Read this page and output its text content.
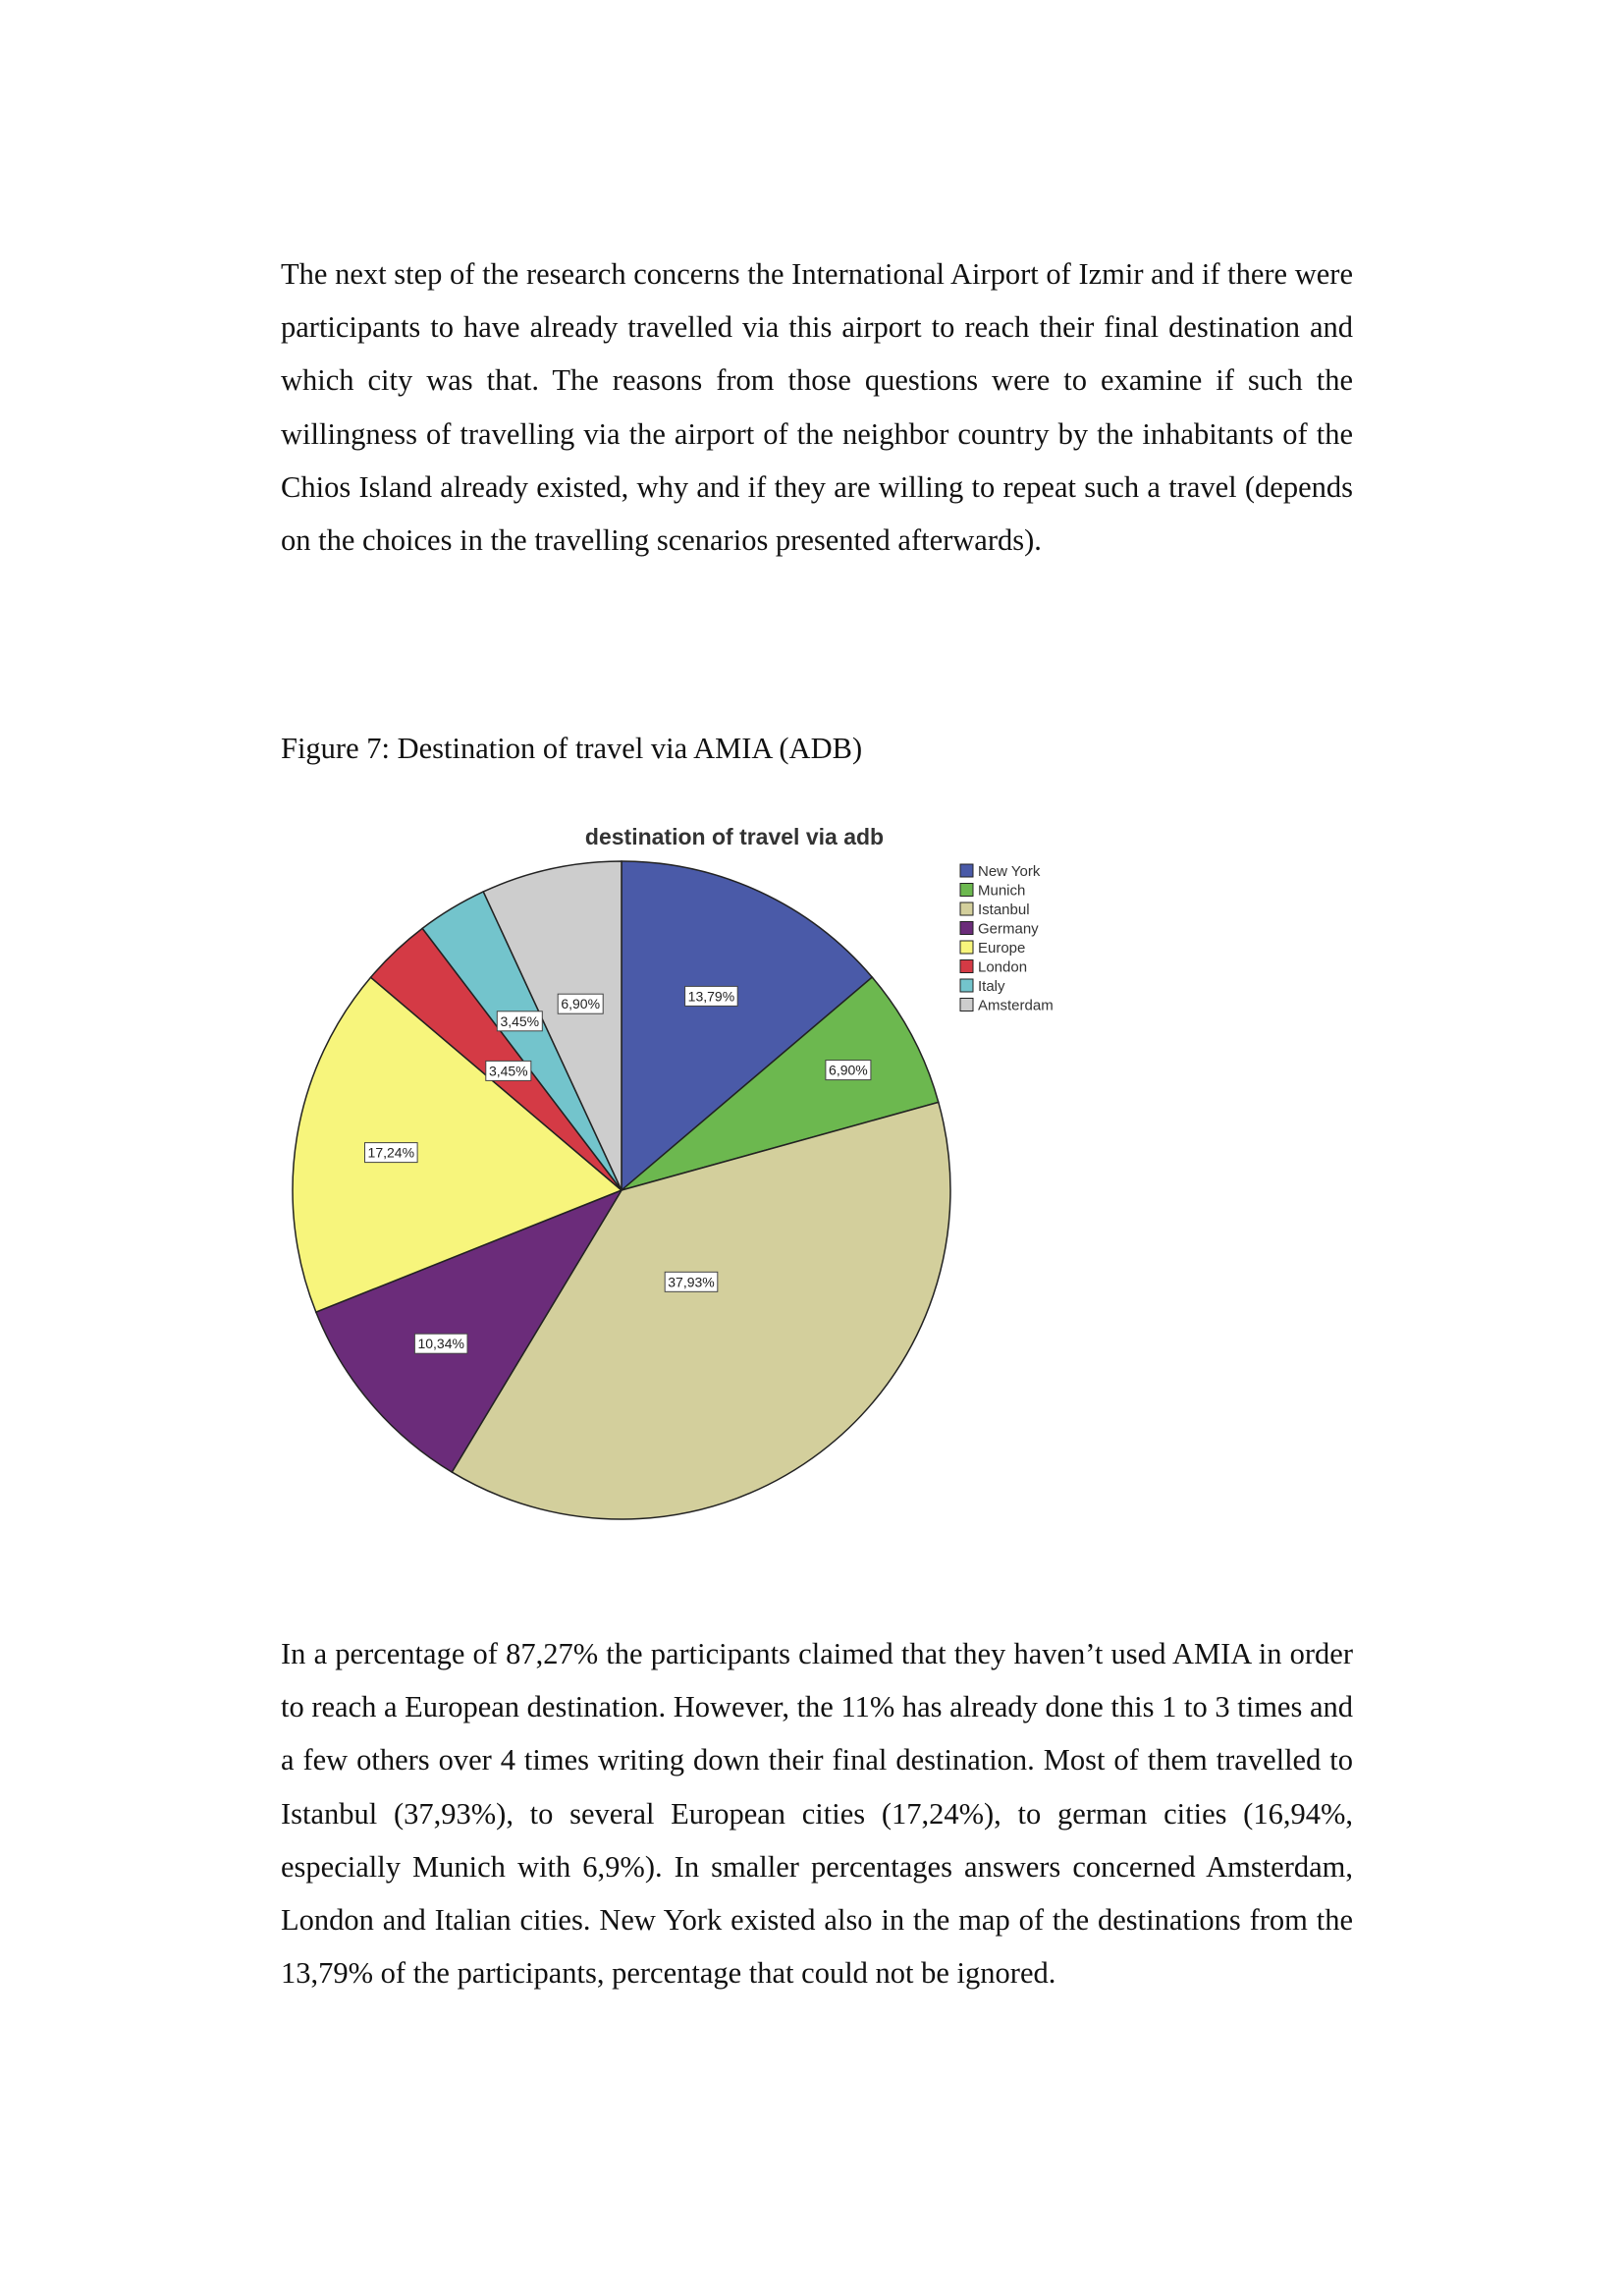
The next step of the research concerns the International Airport of Izmir and if there were participants to have already travelled via this airport to reach their final destination and which city was that. The reasons from those questions were to examine if such the willingness of travelling via the airport of the neighbor country by the inhabitants of the Chios Island already existed, why and if they are willing to repeat such a travel (depends on the choices in the travelling scenarios presented afterwards).

Figure 7: Destination of travel via AMIA (ADB)

destination of travel via adb
13,79%
6,90%
37,93%
10,34%
17,24%
3,45%
3,45%
6,90%
New York
Munich
Istanbul
Germany
Europe
London
Italy
Amsterdam

In a percentage of 87,27% the participants claimed that they haven’t used AMIA in order to reach a European destination. However, the 11% has already done this 1 to 3 times and a few others over 4 times writing down their final destination. Most of them travelled to Istanbul (37,93%), to several European cities (17,24%), to german cities (16,94%, especially Munich with 6,9%). In smaller percentages answers concerned Amsterdam, London and Italian cities. New York existed also in the map of the destinations from the 13,79% of the participants, percentage that could not be ignored.
